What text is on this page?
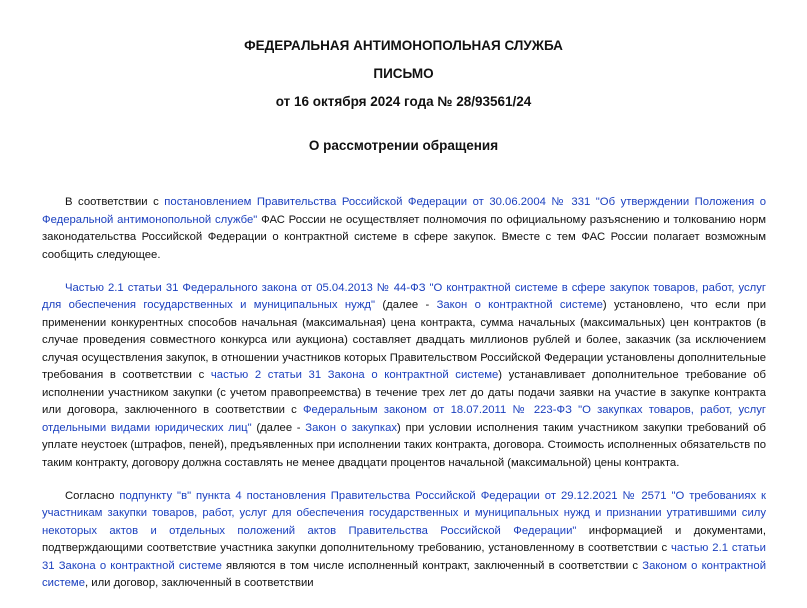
ФЕДЕРАЛЬНАЯ АНТИМОНОПОЛЬНАЯ СЛУЖБА

ПИСЬМО

от 16 октября 2024 года № 28/93561/24

О рассмотрении обращения

В соответствии с постановлением Правительства Российской Федерации от 30.06.2004 № 331 "Об утверждении Положения о Федеральной антимонопольной службе" ФАС России не осуществляет полномочия по официальному разъяснению и толкованию норм законодательства Российской Федерации о контрактной системе в сфере закупок. Вместе с тем ФАС России полагает возможным сообщить следующее.

Частью 2.1 статьи 31 Федерального закона от 05.04.2013 № 44-ФЗ "О контрактной системе в сфере закупок товаров, работ, услуг для обеспечения государственных и муниципальных нужд" (далее - Закон о контрактной системе) установлено, что если при применении конкурентных способов начальная (максимальная) цена контракта, сумма начальных (максимальных) цен контрактов (в случае проведения совместного конкурса или аукциона) составляет двадцать миллионов рублей и более, заказчик (за исключением случая осуществления закупок, в отношении участников которых Правительством Российской Федерации установлены дополнительные требования в соответствии с частью 2 статьи 31 Закона о контрактной системе) устанавливает дополнительное требование об исполнении участником закупки (с учетом правопреемства) в течение трех лет до даты подачи заявки на участие в закупке контракта или договора, заключенного в соответствии с Федеральным законом от 18.07.2011 № 223-ФЗ "О закупках товаров, работ, услуг отдельными видами юридических лиц" (далее - Закон о закупках) при условии исполнения таким участником закупки требований об уплате неустоек (штрафов, пеней), предъявленных при исполнении таких контракта, договора. Стоимость исполненных обязательств по таким контракту, договору должна составлять не менее двадцати процентов начальной (максимальной) цены контракта.

Согласно подпункту "в" пункта 4 постановления Правительства Российской Федерации от 29.12.2021 № 2571 "О требованиях к участникам закупки товаров, работ, услуг для обеспечения государственных и муниципальных нужд и признании утратившими силу некоторых актов и отдельных положений актов Правительства Российской Федерации" информацией и документами, подтверждающими соответствие участника закупки дополнительному требованию, установленному в соответствии с частью 2.1 статьи 31 Закона о контрактной системе являются в том числе исполненный контракт, заключенный в соответствии с Законом о контрактной системе, или договор, заключенный в соответствии
